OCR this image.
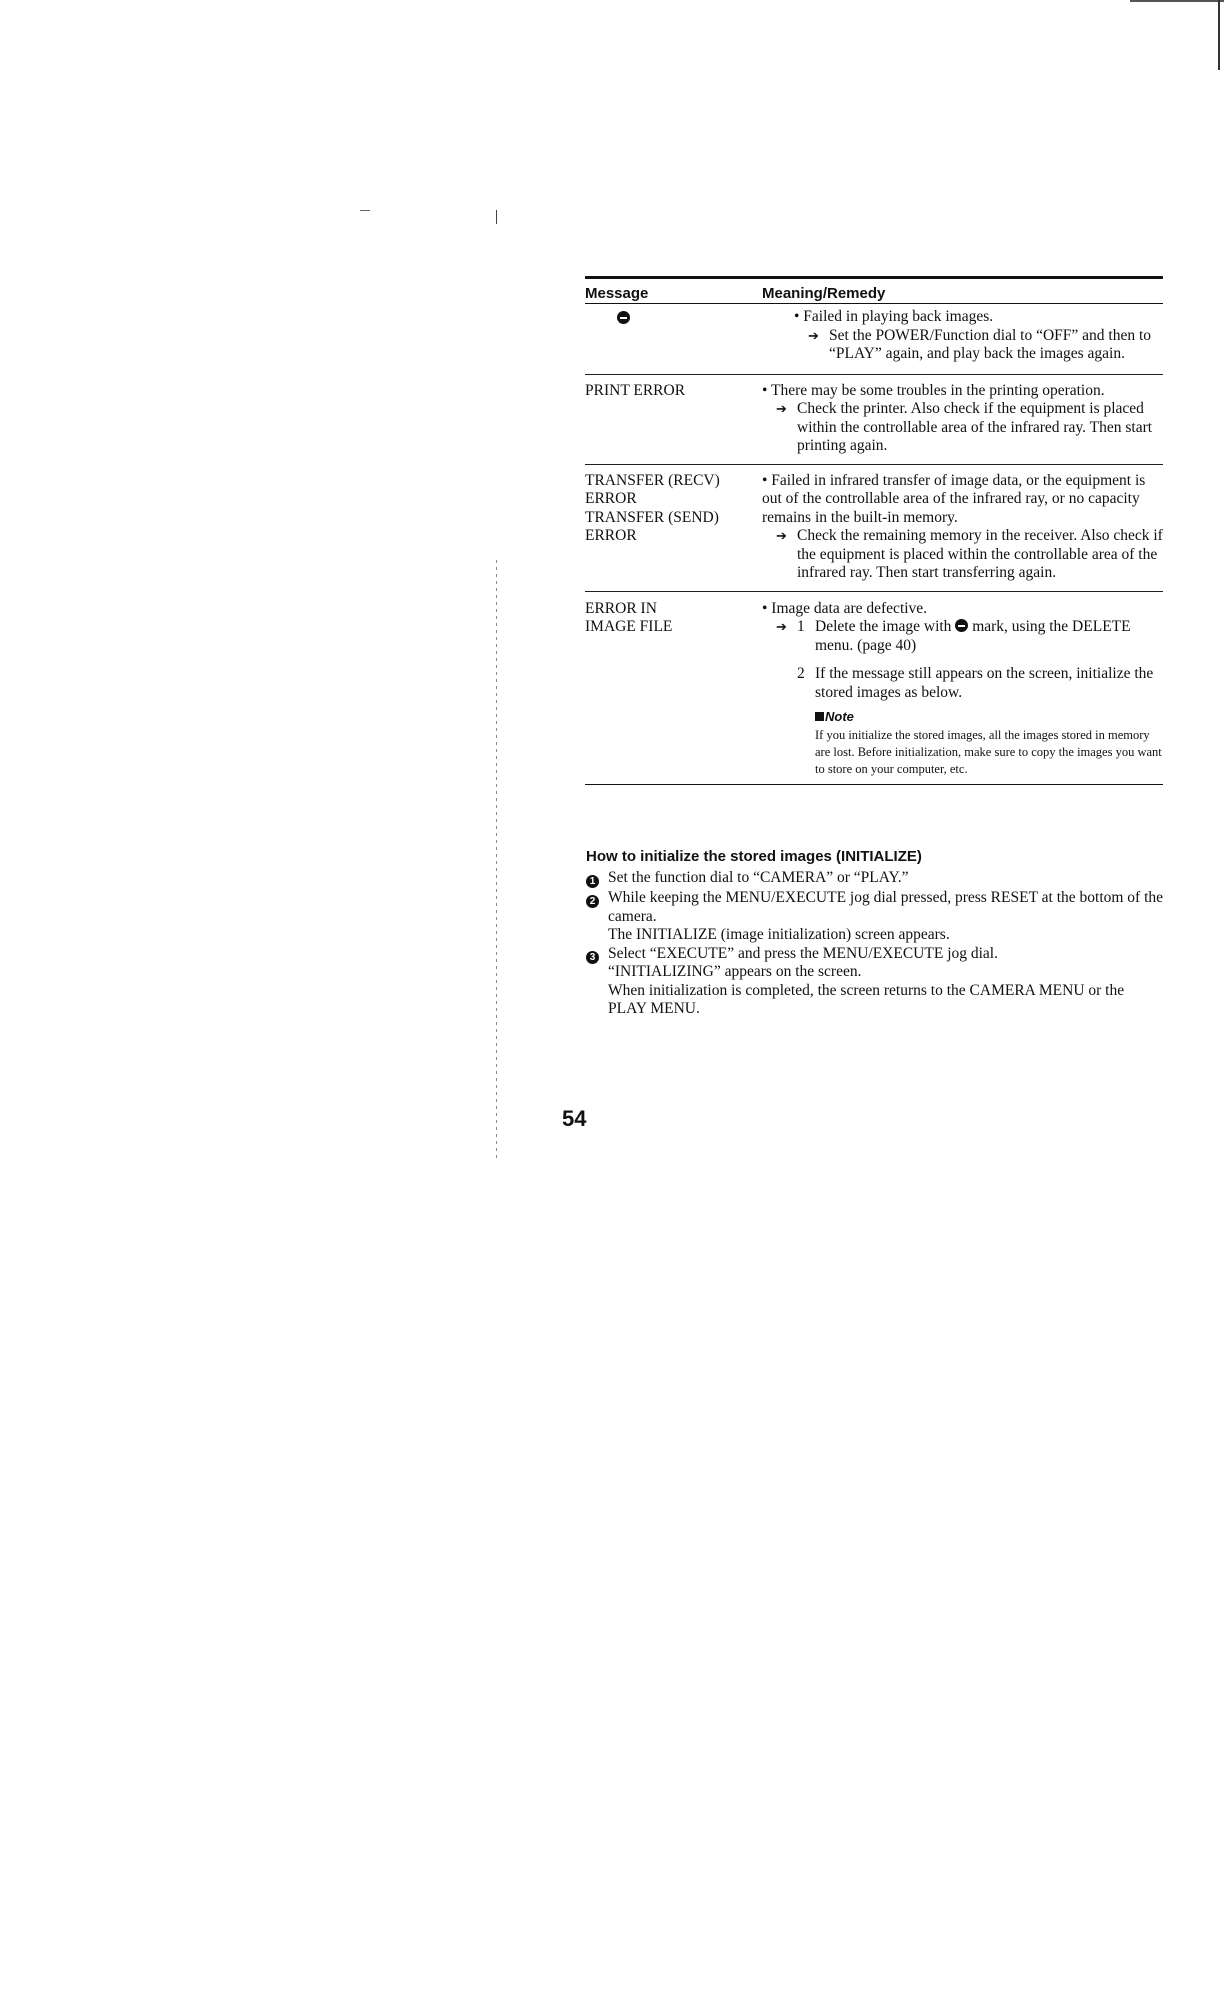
Message	Meaning/Remedy
• Failed in playing back images.
➔ Set the POWER/Function dial to “OFF” and then to “PLAY” again, and play back the images again.
PRINT ERROR	• There may be some troubles in the printing operation.
➔ Check the printer. Also check if the equipment is placed within the controllable area of the infrared ray. Then start printing again.
TRANSFER (RECV)
ERROR
TRANSFER (SEND)
ERROR
• Failed in infrared transfer of image data, or the equipment is out of the controllable area of the infrared ray, or no capacity remains in the built-in memory.
➔ Check the remaining memory in the receiver. Also check if the equipment is placed within the controllable area of the infrared ray. Then start transferring again.
ERROR IN
IMAGE FILE
• Image data are defective.
➔ 1 Delete the image with mark, using the DELETE menu. (page 40)
2 If the message still appears on the screen, initialize the stored images as below.
Note
If you initialize the stored images, all the images stored in memory are lost. Before initialization, make sure to copy the images you want to store on your computer, etc.
How to initialize the stored images (INITIALIZE)
1 Set the function dial to “CAMERA” or “PLAY.”
2 While keeping the MENU/EXECUTE jog dial pressed, press RESET at the bottom of the camera.
The INITIALIZE (image initialization) screen appears.
3 Select “EXECUTE” and press the MENU/EXECUTE jog dial.
“INITIALIZING” appears on the screen.
When initialization is completed, the screen returns to the CAMERA MENU or the PLAY MENU.
54
